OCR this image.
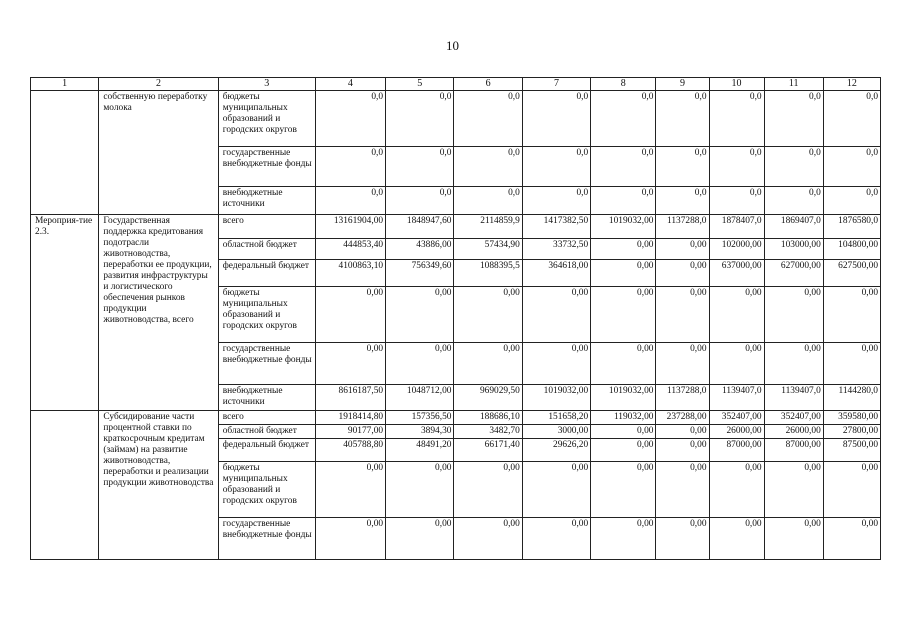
10
1	2	3	4	5	6	7	8	9	10	11	12
	собственную переработку молока	бюджеты муниципальных образований и городских округов	0,0	0,0	0,0	0,0	0,0	0,0	0,0	0,0	0,0
		государственные внебюджетные фонды	0,0	0,0	0,0	0,0	0,0	0,0	0,0	0,0	0,0
		внебюджетные источники	0,0	0,0	0,0	0,0	0,0	0,0	0,0	0,0	0,0
Мероприя-тие 2.3.	Государственная поддержка кредитования подотрасли животноводства, переработки ее продукции, развития инфраструктуры и логистического обеспечения рынков продукции животноводства, всего	всего	13161904,00	1848947,60	2114859,9	1417382,50	1019032,00	1137288,0	1878407,0	1869407,0	1876580,0
		областной бюджет	444853,40	43886,00	57434,90	33732,50	0,00	0,00	102000,00	103000,00	104800,00
		федеральный бюджет	4100863,10	756349,60	1088395,5	364618,00	0,00	0,00	637000,00	627000,00	627500,00
		бюджеты муниципальных образований и городских округов	0,00	0,00	0,00	0,00	0,00	0,00	0,00	0,00	0,00
		государственные внебюджетные фонды	0,00	0,00	0,00	0,00	0,00	0,00	0,00	0,00	0,00
		внебюджетные источники	8616187,50	1048712,00	969029,50	1019032,00	1019032,00	1137288,0	1139407,0	1139407,0	1144280,0
	Субсидирование части процентной ставки по краткосрочным кредитам (займам) на развитие животноводства, переработки и реализации продукции животноводства	всего	1918414,80	157356,50	188686,10	151658,20	119032,00	237288,00	352407,00	352407,00	359580,00
		областной бюджет	90177,00	3894,30	3482,70	3000,00	0,00	0,00	26000,00	26000,00	27800,00
		федеральный бюджет	405788,80	48491,20	66171,40	29626,20	0,00	0,00	87000,00	87000,00	87500,00
		бюджеты муниципальных образований и городских округов	0,00	0,00	0,00	0,00	0,00	0,00	0,00	0,00	0,00
		государственные внебюджетные фонды	0,00	0,00	0,00	0,00	0,00	0,00	0,00	0,00	0,00
